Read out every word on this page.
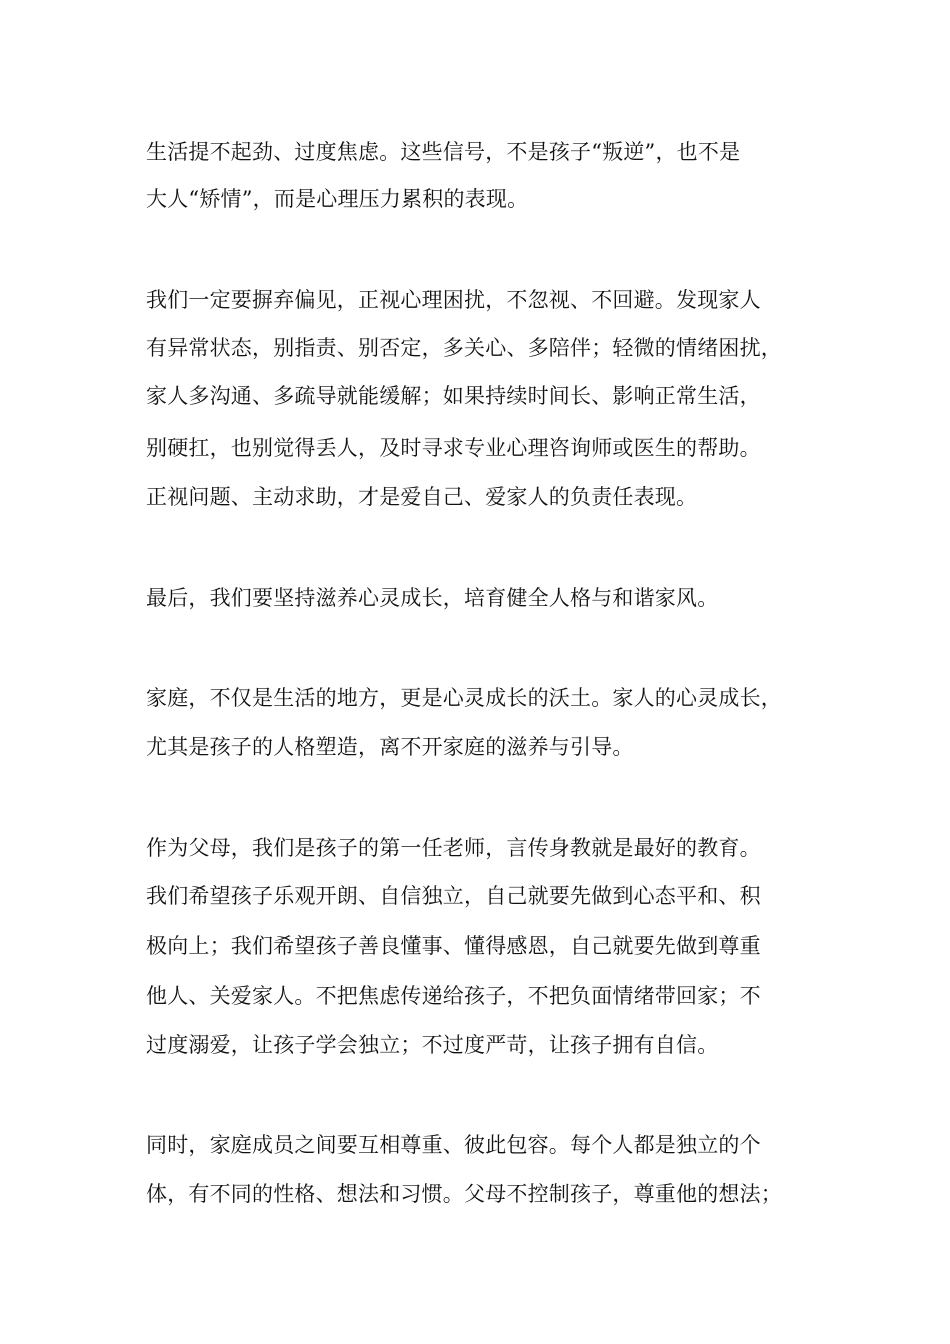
生活提不起劲、过度焦虑。这些信号，不是孩子“叛逆”，也不是
大人“矫情”，而是心理压力累积的表现。
我们一定要摒弃偏见，正视心理困扰，不忽视、不回避。发现家人
有异常状态，别指责、别否定，多关心、多陪伴；轻微的情绪困扰，
家人多沟通、多疏导就能缓解；如果持续时间长、影响正常生活，
别硬扛，也别觉得丢人，及时寻求专业心理咨询师或医生的帮助。
正视问题、主动求助，才是爱自己、爱家人的负责任表现。
最后，我们要坚持滋养心灵成长，培育健全人格与和谐家风。
家庭，不仅是生活的地方，更是心灵成长的沃土。家人的心灵成长，
尤其是孩子的人格塑造，离不开家庭的滋养与引导。
作为父母，我们是孩子的第一任老师，言传身教就是最好的教育。
我们希望孩子乐观开朗、自信独立，自己就要先做到心态平和、积
极向上；我们希望孩子善良懂事、懂得感恩，自己就要先做到尊重
他人、关爱家人。不把焦虑传递给孩子，不把负面情绪带回家；不
过度溺爱，让孩子学会独立；不过度严苛，让孩子拥有自信。
同时，家庭成员之间要互相尊重、彼此包容。每个人都是独立的个
体，有不同的性格、想法和习惯。父母不控制孩子，尊重他的想法；
